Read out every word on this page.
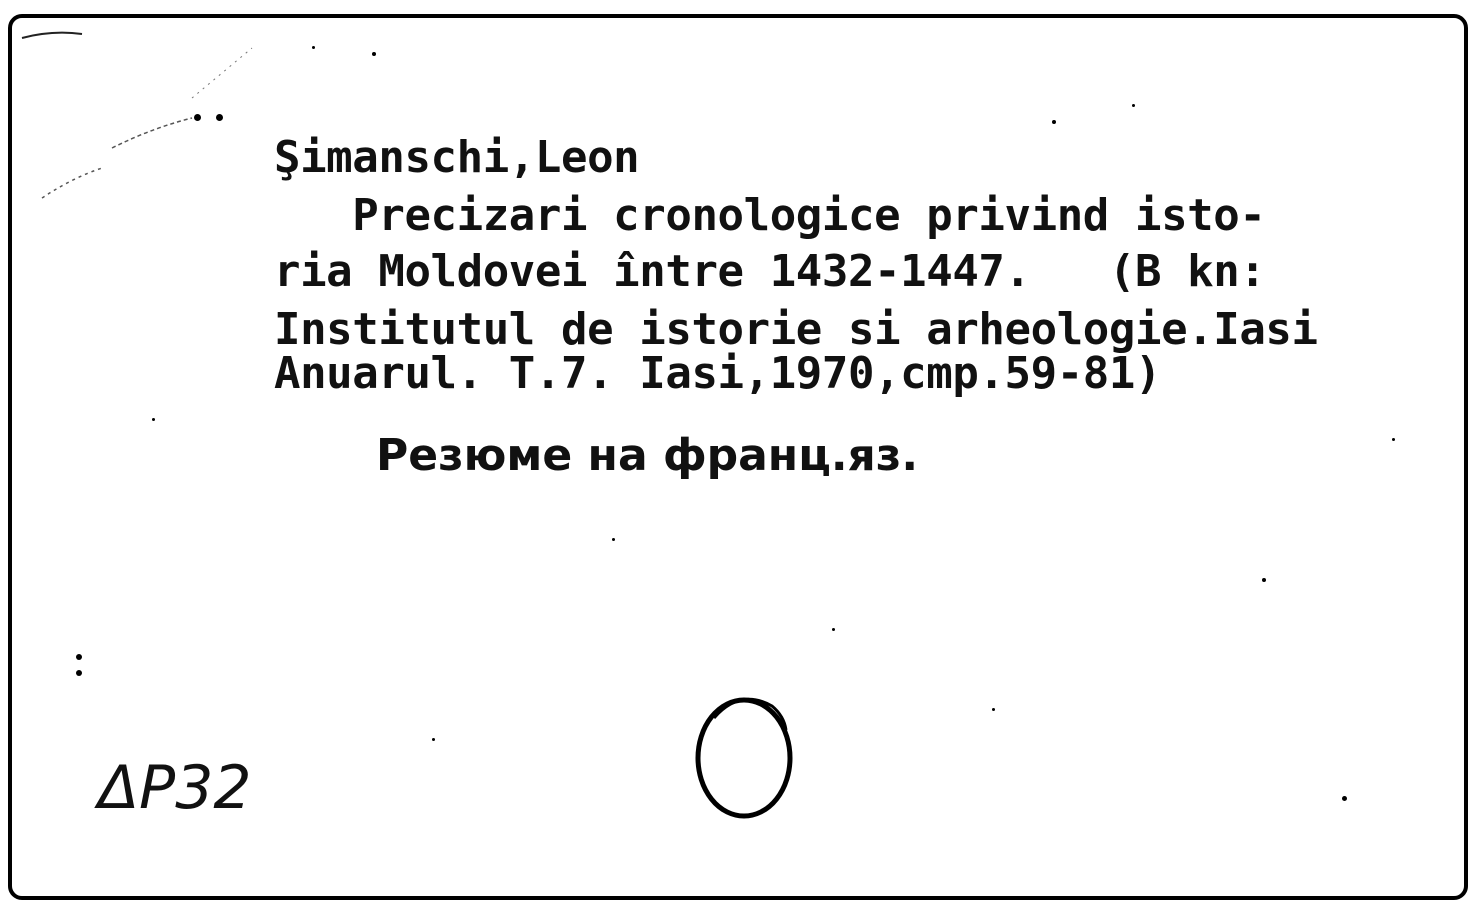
Şimanschi,Leon
Precizari cronologice privind isto-
ria Moldovei între 1432-1447.   (B kn:
Institutul de istorie si arheologie.Iasi
Anuarul. T.7. Iasi,1970,cmp.59-81)
Резюме на франц.яз.
ΔP32
